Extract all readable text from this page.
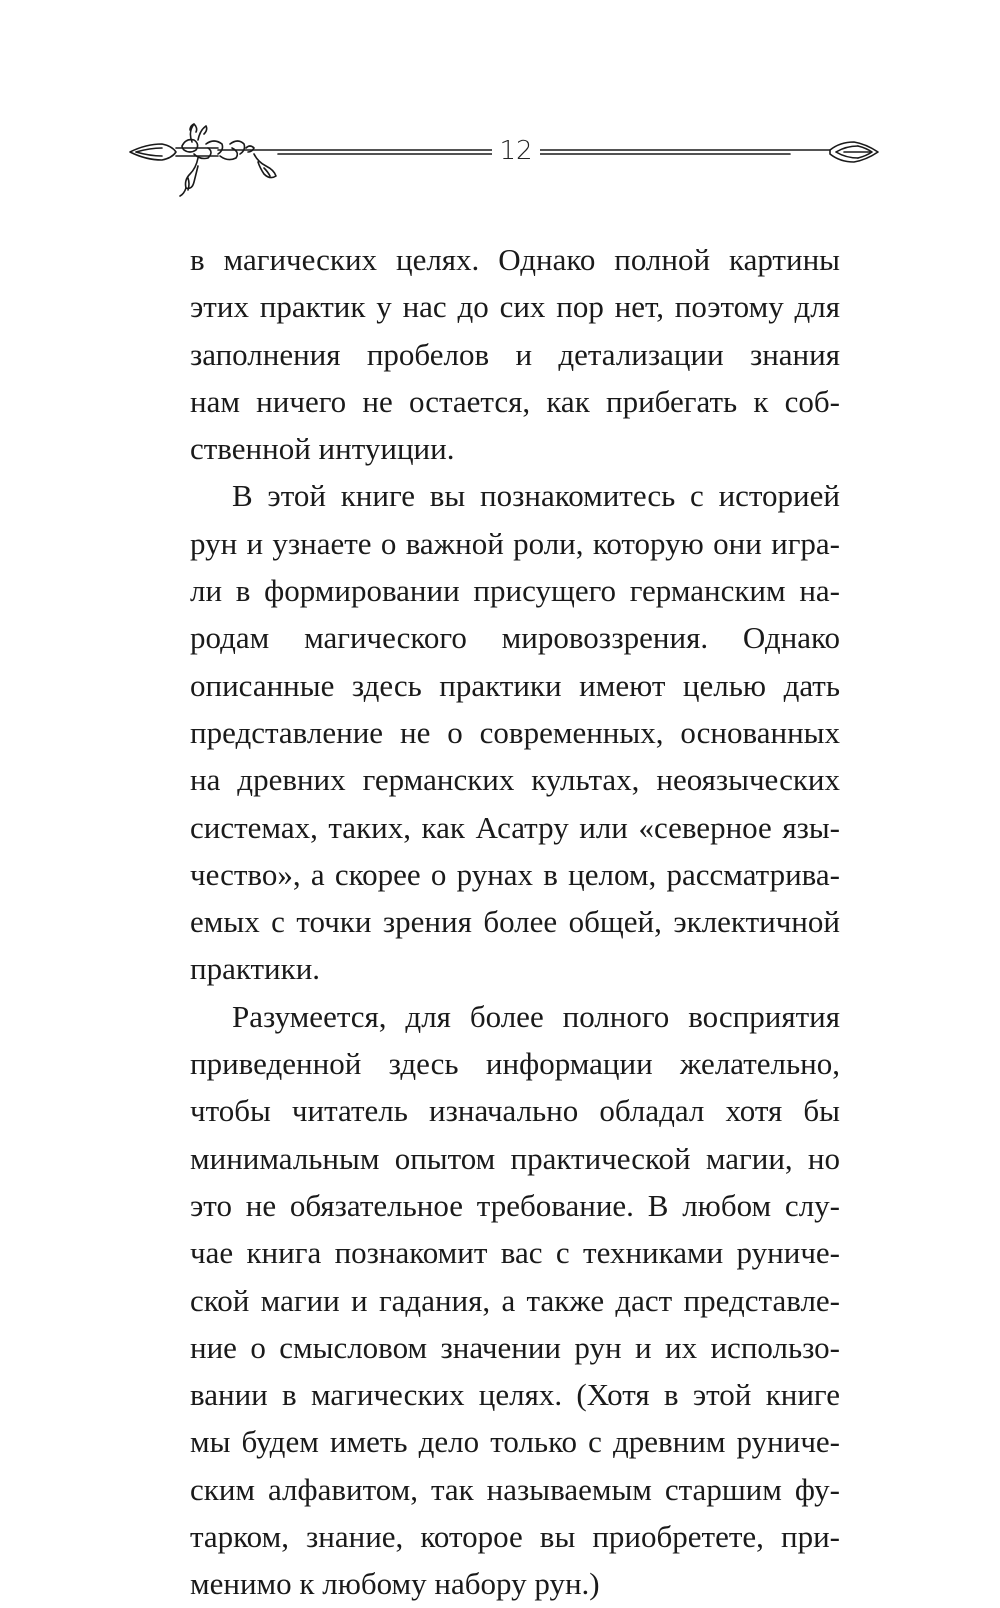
12
в магических целях. Однако полной картины
этих практик у нас до сих пор нет, поэтому для
заполнения пробелов и детализации знания
нам ничего не остается, как прибегать к соб-
ственной интуиции.
В этой книге вы познакомитесь с историей
рун и узнаете о важной роли, которую они игра-
ли в формировании присущего германским на-
родам магического мировоззрения. Однако
описанные здесь практики имеют целью дать
представление не о современных, основанных
на древних германских культах, неоязыческих
системах, таких, как Асатру или «северное язы-
чество», а скорее о рунах в целом, рассматрива-
емых с точки зрения более общей, эклектичной
практики.
Разумеется, для более полного восприятия
приведенной здесь информации желательно,
чтобы читатель изначально обладал хотя бы
минимальным опытом практической магии, но
это не обязательное требование. В любом слу-
чае книга познакомит вас с техниками руниче-
ской магии и гадания, а также даст представле-
ние о смысловом значении рун и их использо-
вании в магических целях. (Хотя в этой книге
мы будем иметь дело только с древним руниче-
ским алфавитом, так называемым старшим фу-
тарком, знание, которое вы приобретете, при-
менимо к любому набору рун.)
